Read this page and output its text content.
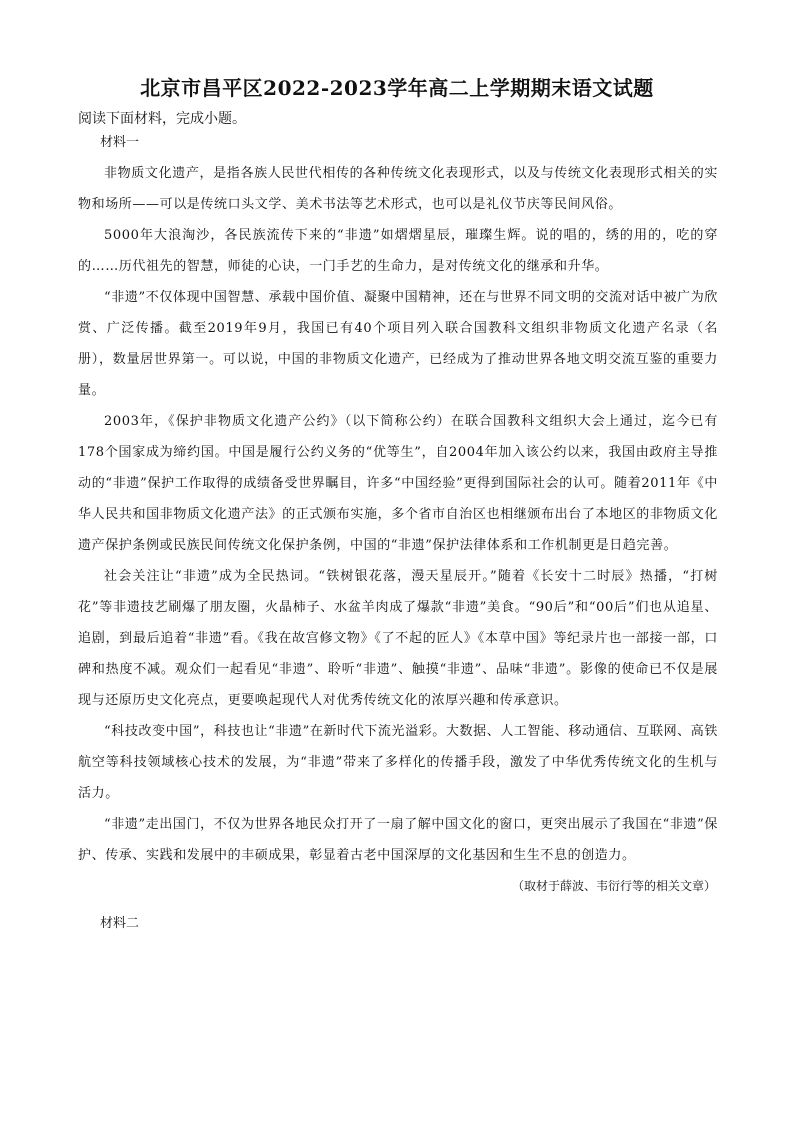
北京市昌平区2022-2023学年高二上学期期末语文试题

阅读下面材料，完成小题。

材料一

非物质文化遗产，是指各族人民世代相传的各种传统文化表现形式，以及与传统文化表现形式相关的实物和场所——可以是传统口头文学、美术书法等艺术形式，也可以是礼仪节庆等民间风俗。

5000年大浪淘沙，各民族流传下来的“非遗”如熠熠星辰，璀璨生辉。说的唱的，绣的用的，吃的穿的……历代祖先的智慧，师徒的心诀，一门手艺的生命力，是对传统文化的继承和升华。

“非遗”不仅体现中国智慧、承载中国价值、凝聚中国精神，还在与世界不同文明的交流对话中被广为欣赏、广泛传播。截至2019年9月，我国已有40个项目列入联合国教科文组织非物质文化遗产名录（名册），数量居世界第一。可以说，中国的非物质文化遗产，已经成为了推动世界各地文明交流互鉴的重要力量。

2003年，《保护非物质文化遗产公约》（以下简称公约）在联合国教科文组织大会上通过，迄今已有178个国家成为缔约国。中国是履行公约义务的“优等生”，自2004年加入该公约以来，我国由政府主导推动的“非遗”保护工作取得的成绩备受世界瞩目，许多“中国经验”更得到国际社会的认可。随着2011年《中华人民共和国非物质文化遗产法》的正式颁布实施，多个省市自治区也相继颁布出台了本地区的非物质文化遗产保护条例或民族民间传统文化保护条例，中国的“非遗”保护法律体系和工作机制更是日趋完善。

社会关注让“非遗”成为全民热词。“铁树银花落，漫天星辰开。”随着《长安十二时辰》热播，“打树花”等非遗技艺刷爆了朋友圈，火晶柿子、水盆羊肉成了爆款“非遗”美食。“90后”和“00后”们也从追星、追剧，到最后追着“非遗”看。《我在故宫修文物》《了不起的匠人》《本草中国》等纪录片也一部接一部，口碑和热度不减。观众们一起看见“非遗”、聆听“非遗”、触摸“非遗”、品味“非遗”。影像的使命已不仅是展现与还原历史文化亮点，更要唤起现代人对优秀传统文化的浓厚兴趣和传承意识。

“科技改变中国”，科技也让“非遗”在新时代下流光溢彩。大数据、人工智能、移动通信、互联网、高铁航空等科技领域核心技术的发展，为“非遗”带来了多样化的传播手段，激发了中华优秀传统文化的生机与活力。

“非遗”走出国门，不仅为世界各地民众打开了一扇了解中国文化的窗口，更突出展示了我国在“非遗”保护、传承、实践和发展中的丰硕成果，彰显着古老中国深厚的文化基因和生生不息的创造力。

（取材于薛波、韦衍行等的相关文章）

材料二
